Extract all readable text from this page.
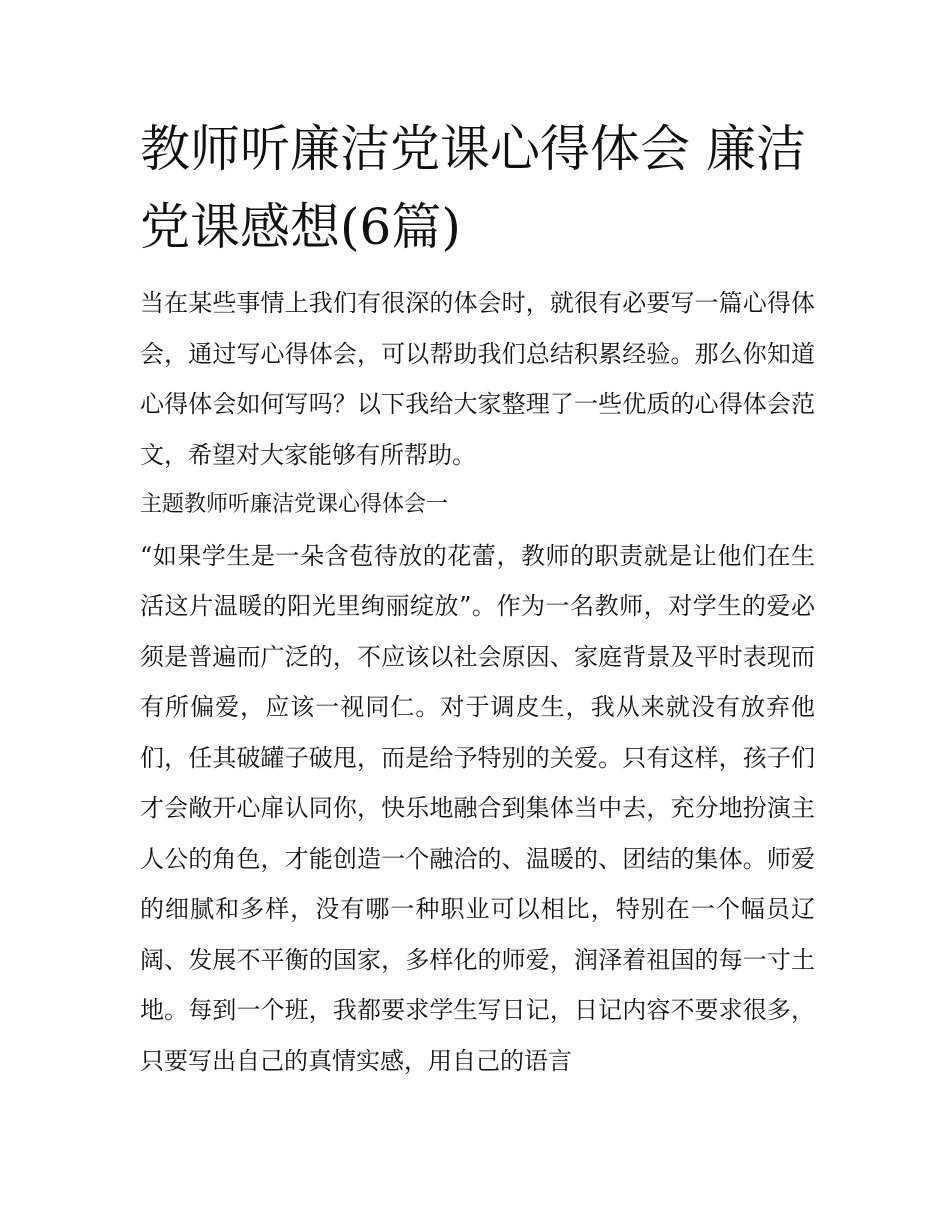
教师听廉洁党课心得体会 廉洁党课感想(6篇)

当在某些事情上我们有很深的体会时，就很有必要写一篇心得体会，通过写心得体会，可以帮助我们总结积累经验。那么你知道心得体会如何写吗？以下我给大家整理了一些优质的心得体会范文，希望对大家能够有所帮助。

主题教师听廉洁党课心得体会一

“如果学生是一朵含苞待放的花蕾，教师的职责就是让他们在生活这片温暖的阳光里绚丽绽放”。作为一名教师，对学生的爱必须是普遍而广泛的，不应该以社会原因、家庭背景及平时表现而有所偏爱，应该一视同仁。对于调皮生，我从来就没有放弃他们，任其破罐子破甩，而是给予特别的关爱。只有这样，孩子们才会敞开心扉认同你，快乐地融合到集体当中去，充分地扮演主人公的角色，才能创造一个融洽的、温暖的、团结的集体。师爱的细腻和多样，没有哪一种职业可以相比，特别在一个幅员辽阔、发展不平衡的国家，多样化的师爱，润泽着祖国的每一寸土地。每到一个班，我都要求学生写日记，日记内容不要求很多，只要写出自己的真情实感，用自己的语言
